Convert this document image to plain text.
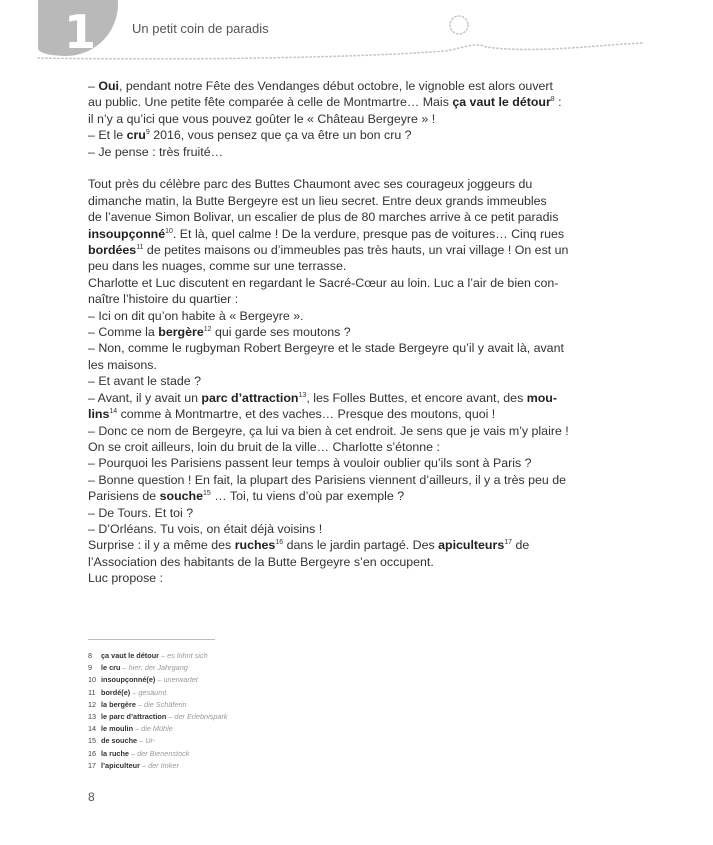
1	Un petit coin de paradis

– Oui, pendant notre Fête des Vendanges début octobre, le vignoble est alors ouvert

au public. Une petite fête comparée à celle de Montmartre… Mais ça vaut le détour$^8$ :

il n’y a qu’ici que vous pouvez goûter le « Château Bergeyre » !

– Et le cru$^9$ 2016, vous pensez que ça va être un bon cru ?

– Je pense : très fruité…

Tout près du célèbre parc des Buttes Chaumont avec ses courageux joggeurs du

dimanche matin, la Butte Bergeyre est un lieu secret. Entre deux grands immeubles

de l’avenue Simon Bolivar, un escalier de plus de 80 marches arrive à ce petit paradis

insoupçonné$^{10}$. Et là, quel calme ! De la verdure, presque pas de voitures… Cinq rues

bordées$^{11}$ de petites maisons ou d’immeubles pas très hauts, un vrai village ! On est un

peu dans les nuages, comme sur une terrasse.

Charlotte et Luc discutent en regardant le Sacré-Cœur au loin. Luc a l’air de bien con-

naître l’histoire du quartier :

– Ici on dit qu’on habite à « Bergeyre ».

– Comme la bergère$^{12}$ qui garde ses moutons ?

– Non, comme le rugbyman Robert Bergeyre et le stade Bergeyre qu’il y avait là, avant

les maisons.

– Et avant le stade ?

– Avant, il y avait un parc d’attraction$^{13}$, les Folles Buttes, et encore avant, des mou-

lins$^{14}$ comme à Montmartre, et des vaches… Presque des moutons, quoi !

– Donc ce nom de Bergeyre, ça lui va bien à cet endroit. Je sens que je vais m’y plaire !

On se croit ailleurs, loin du bruit de la ville… Charlotte s’étonne :

– Pourquoi les Parisiens passent leur temps à vouloir oublier qu’ils sont à Paris ?

– Bonne question ! En fait, la plupart des Parisiens viennent d’ailleurs, il y a très peu de

Parisiens de souche$^{15}$ … Toi, tu viens d’où par exemple ?

– De Tours. Et toi ?

– D’Orléans. Tu vois, on était déjà voisins !

Surprise : il y a même des ruches$^{16}$ dans le jardin partagé. Des apiculteurs$^{17}$ de

l’Association des habitants de la Butte Bergeyre s’en occupent.

Luc propose :

8 ça vaut le détour – es lohnt sich
9 le cru – hier: der Jahrgang
10 insoupçonné(e) – unerwartet
11 bordé(e) – gesäumt
12 la bergère – die Schäferin
13 le parc d’attraction – der Erlebnispark
14 le moulin – die Mühle
15 de souche – Ur-
16 la ruche – der Bienenstock
17 l’apiculteur – der Imker
8
